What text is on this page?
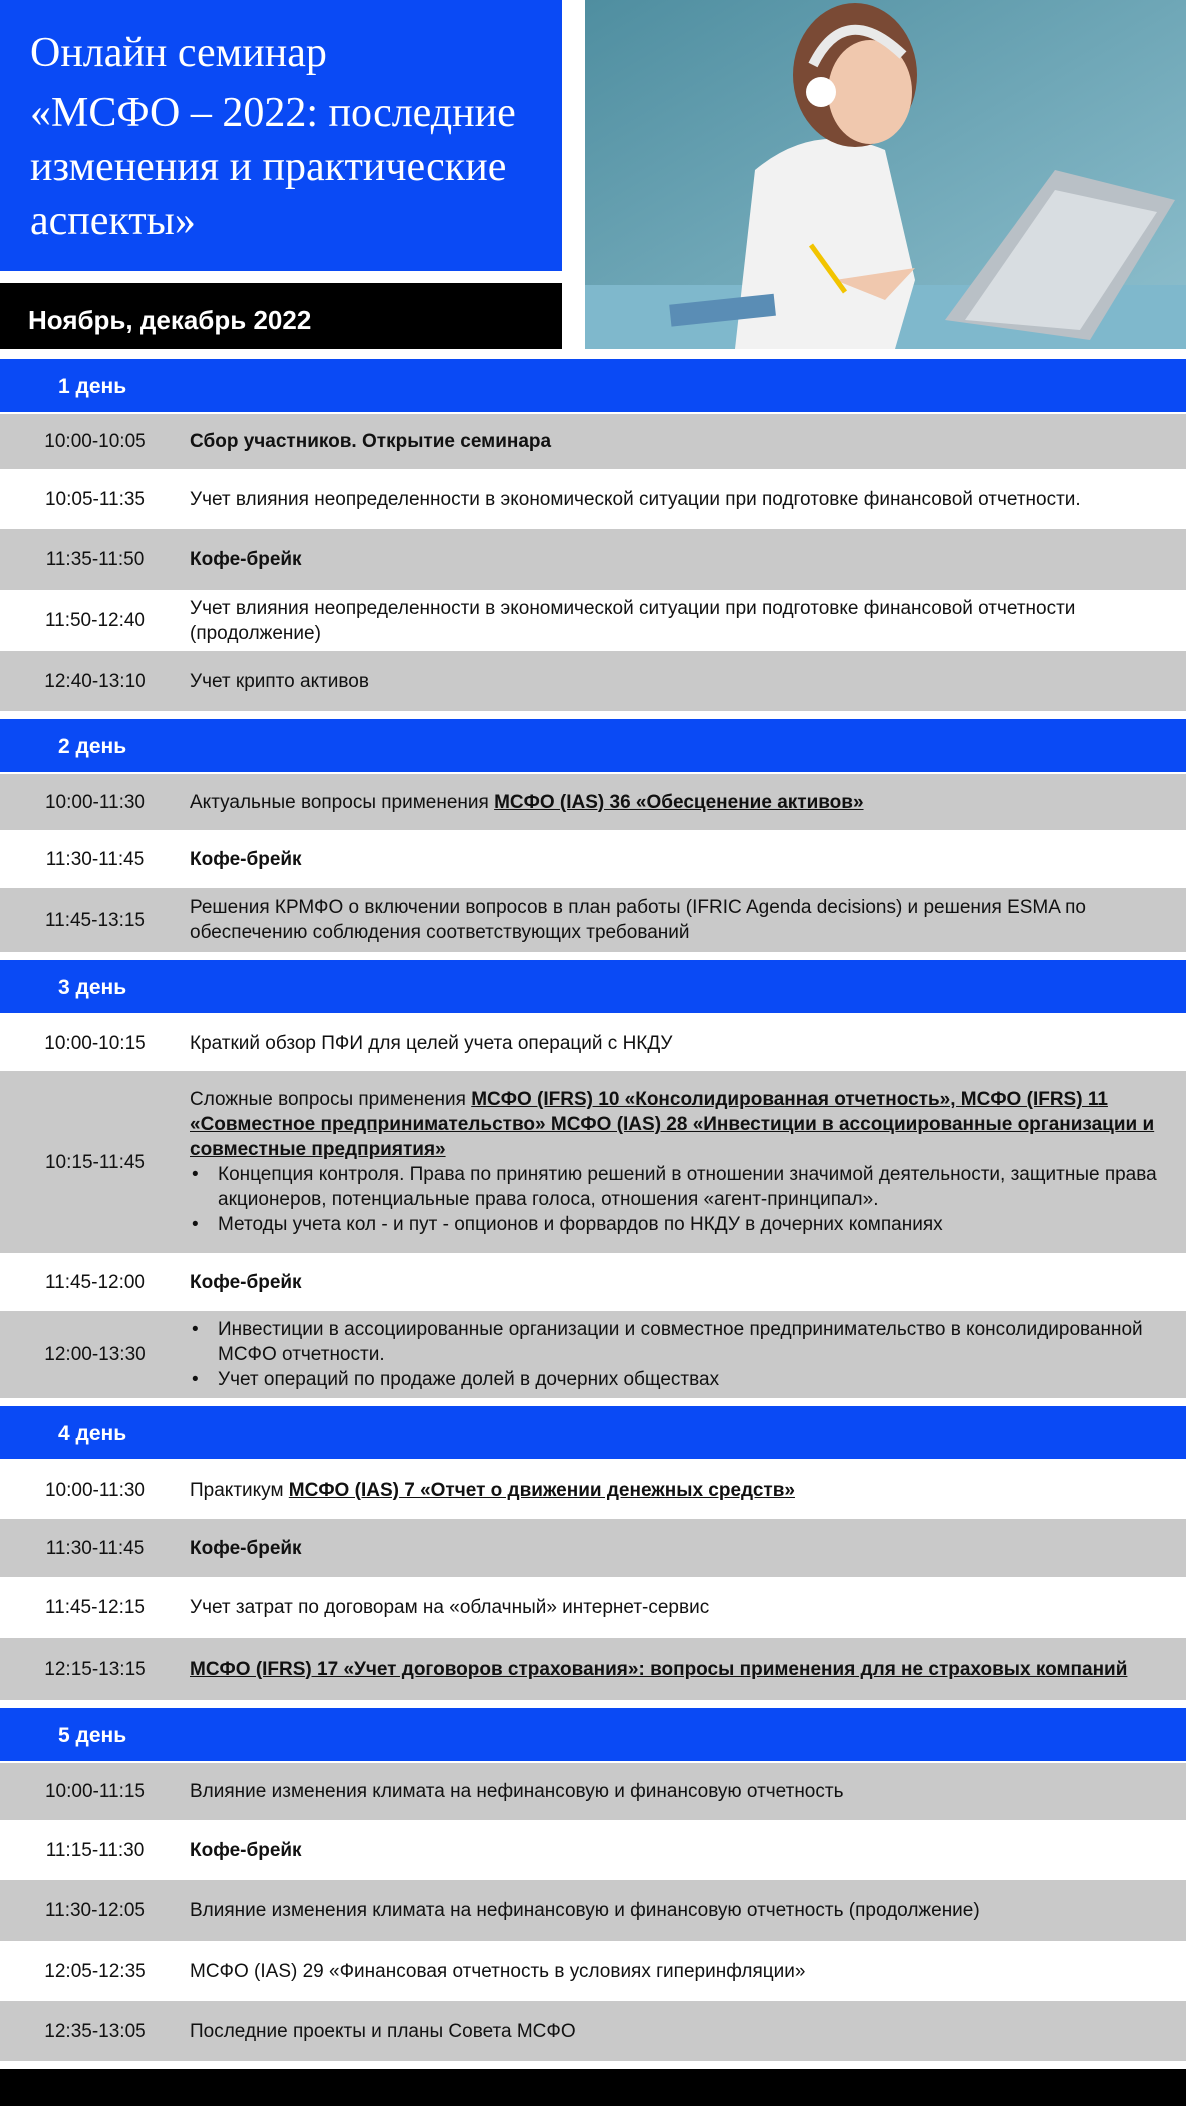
Онлайн семинар
«МСФО – 2022: последние изменения и практические аспекты»
Ноябрь, декабрь 2022
1 день
10:00-10:05	Сбор участников. Открытие семинара
10:05-11:35	Учет влияния неопределенности в экономической ситуации при подготовке финансовой отчетности.
11:35-11:50	Кофе-брейк
11:50-12:40
Учет влияния неопределенности в экономической ситуации при подготовке финансовой отчетности (продолжение)
12:40-13:10	Учет крипто активов
2 день
10:00-11:30	Актуальные вопросы применения МСФО (IAS) 36 «Обесценение активов»
11:30-11:45	Кофе-брейк
11:45-13:15
Решения КРМФО о включении вопросов в план работы (IFRIC Agenda decisions) и решения ESMA по обеспечению соблюдения соответствующих требований
3 день
10:00-10:15	Краткий обзор ПФИ для целей учета операций с НКДУ
10:15-11:45
Сложные вопросы применения МСФО (IFRS) 10 «Консолидированная отчетность», МСФО (IFRS) 11 «Совместное предпринимательство» МСФО (IAS) 28 «Инвестиции в ассоциированные организации и совместные предприятия»
• Концепция контроля. Права по принятию решений в отношении значимой деятельности, защитные права акционеров, потенциальные права голоса, отношения «агент-принципал».
• Методы учета кол - и пут - опционов и форвардов по НКДУ в дочерних компаниях
11:45-12:00	Кофе-брейк
12:00-13:30
• Инвестиции в ассоциированные организации и совместное предпринимательство в консолидированной МСФО отчетности.
• Учет операций по продаже долей в дочерних обществах
4 день
10:00-11:30	Практикум МСФО (IAS) 7 «Отчет о движении денежных средств»
11:30-11:45	Кофе-брейк
11:45-12:15	Учет затрат по договорам на «облачный» интернет-сервис
12:15-13:15	МСФО (IFRS) 17 «Учет договоров страхования»: вопросы применения для не страховых компаний
5 день
10:00-11:15	Влияние изменения климата на нефинансовую и финансовую отчетность
11:15-11:30	Кофе-брейк
11:30-12:05	Влияние изменения климата на нефинансовую и финансовую отчетность (продолжение)
12:05-12:35	МСФО (IAS) 29 «Финансовая отчетность в условиях гиперинфляции»
12:35-13:05	Последние проекты и планы Совета МСФО
